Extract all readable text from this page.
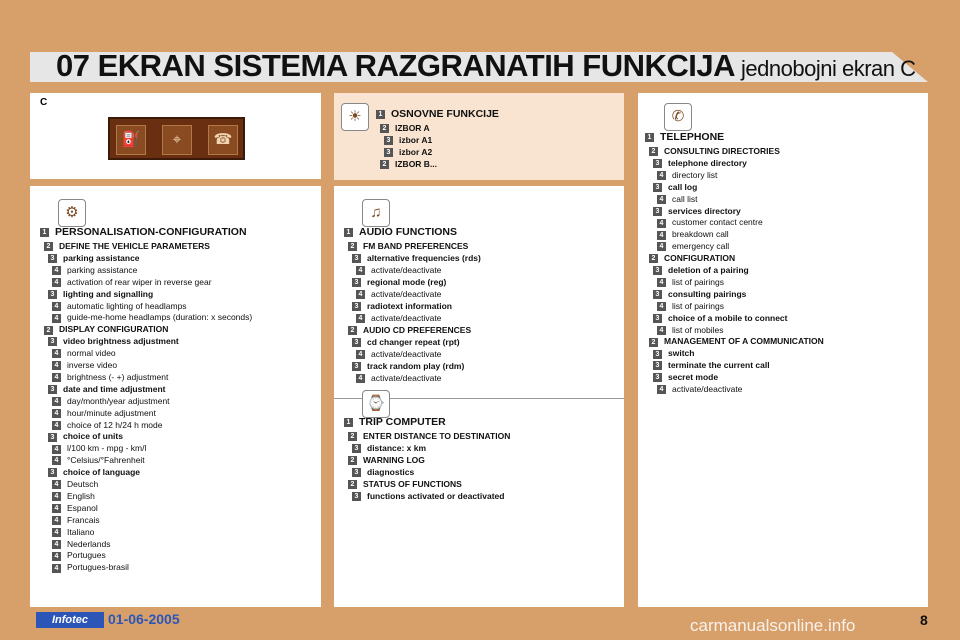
07 EKRAN SISTEMA RAZGRANATIH FUNKCIJA jednobojni ekran C
C
⛽	⌖	☎
☀	1 OSNOVNE FUNKCIJE
2 IZBOR A
3 izbor A1
3 izbor A2
2 IZBOR B...
⚙
1 PERSONALISATION-CONFIGURATION
2 DEFINE THE VEHICLE PARAMETERS
3 parking assistance
4 parking assistance
4 activation of rear wiper in reverse gear
3 lighting and signalling
4 automatic lighting of headlamps
4 guide-me-home headlamps (duration: x seconds)
2 DISPLAY CONFIGURATION
3 video brightness adjustment
4 normal video
4 inverse video
4 brightness (- +) adjustment
3 date and time adjustment
4 day/month/year adjustment
4 hour/minute adjustment
4 choice of 12 h/24 h mode
3 choice of units
4 l/100 km - mpg - km/l
4 °Celsius/°Fahrenheit
3 choice of language
4 Deutsch
4 English
4 Espanol
4 Francais
4 Italiano
4 Nederlands
4 Portugues
4 Portugues-brasil
♫
1 AUDIO FUNCTIONS
2 FM BAND PREFERENCES
3 alternative frequencies (rds)
4 activate/deactivate
3 regional mode (reg)
4 activate/deactivate
3 radiotext information
4 activate/deactivate
2 AUDIO CD PREFERENCES
3 cd changer repeat (rpt)
4 activate/deactivate
3 track random play (rdm)
4 activate/deactivate
⌚
1 TRIP COMPUTER
2 ENTER DISTANCE TO DESTINATION
3 distance: x km
2 WARNING LOG
3 diagnostics
2 STATUS OF FUNCTIONS
3 functions activated or deactivated
✆
1 TELEPHONE
2 CONSULTING DIRECTORIES
3 telephone directory
4 directory list
3 call log
4 call list
3 services directory
4 customer contact centre
4 breakdown call
4 emergency call
2 CONFIGURATION
3 deletion of a pairing
4 list of pairings
3 consulting pairings
4 list of pairings
3 choice of a mobile to connect
4 list of mobiles
2 MANAGEMENT OF A COMMUNICATION
3 switch
3 terminate the current call
3 secret mode
4 activate/deactivate
Infotec	01-06-2005	carmanualsonline.info	8
